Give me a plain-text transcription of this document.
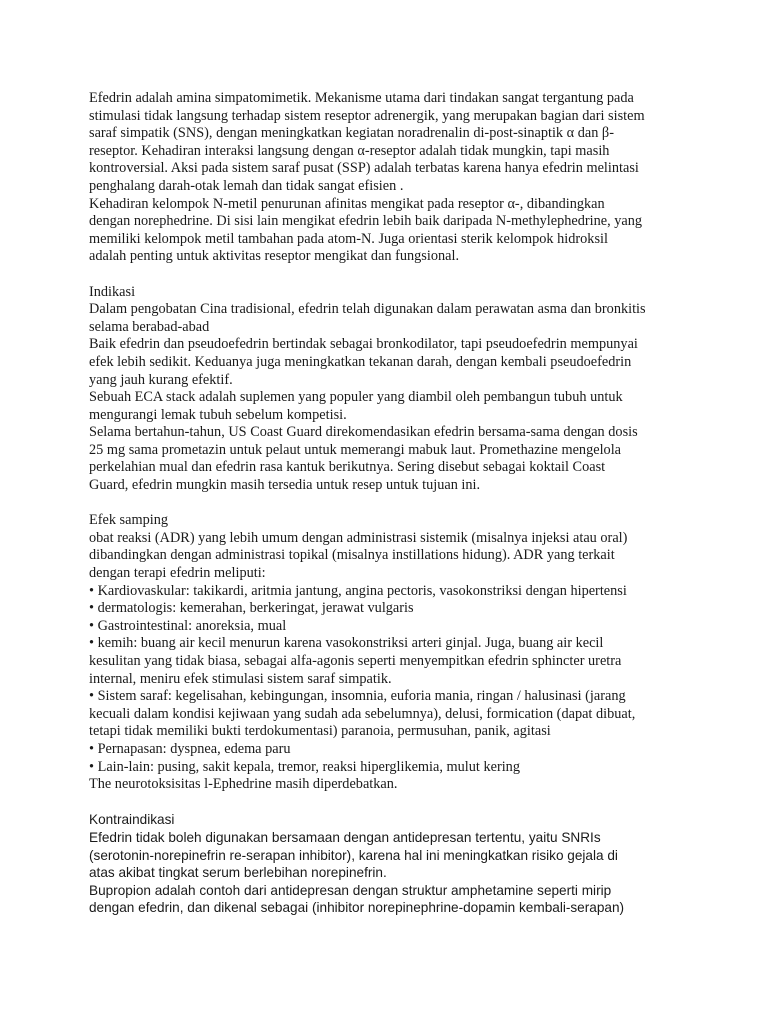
Efedrin adalah amina simpatomimetik. Mekanisme utama dari tindakan sangat tergantung pada
stimulasi tidak langsung terhadap sistem reseptor adrenergik, yang merupakan bagian dari sistem
saraf simpatik (SNS), dengan meningkatkan kegiatan noradrenalin di-post-sinaptik α dan β-
reseptor. Kehadiran interaksi langsung dengan α-reseptor adalah tidak mungkin, tapi masih
kontroversial. Aksi pada sistem saraf pusat (SSP) adalah terbatas karena hanya efedrin melintasi
penghalang darah-otak lemah dan tidak sangat efisien .
Kehadiran kelompok N-metil penurunan afinitas mengikat pada reseptor α-, dibandingkan
dengan norephedrine. Di sisi lain mengikat efedrin lebih baik daripada N-methylephedrine, yang
memiliki kelompok metil tambahan pada atom-N. Juga orientasi sterik kelompok hidroksil
adalah penting untuk aktivitas reseptor mengikat dan fungsional.
Indikasi
Dalam pengobatan Cina tradisional, efedrin telah digunakan dalam perawatan asma dan bronkitis
selama berabad-abad
Baik efedrin dan pseudoefedrin bertindak sebagai bronkodilator, tapi pseudoefedrin mempunyai
efek lebih sedikit. Keduanya juga meningkatkan tekanan darah, dengan kembali pseudoefedrin
yang jauh kurang efektif.
Sebuah ECA stack adalah suplemen yang populer yang diambil oleh pembangun tubuh untuk
mengurangi lemak tubuh sebelum kompetisi.
Selama bertahun-tahun, US Coast Guard direkomendasikan efedrin bersama-sama dengan dosis
25 mg sama prometazin untuk pelaut untuk memerangi mabuk laut. Promethazine mengelola
perkelahian mual dan efedrin rasa kantuk berikutnya. Sering disebut sebagai koktail Coast
Guard, efedrin mungkin masih tersedia untuk resep untuk tujuan ini.
Efek samping
obat reaksi (ADR) yang lebih umum dengan administrasi sistemik (misalnya injeksi atau oral)
dibandingkan dengan administrasi topikal (misalnya instillations hidung). ADR yang terkait
dengan terapi efedrin meliputi:
• Kardiovaskular: takikardi, aritmia jantung, angina pectoris, vasokonstriksi dengan hipertensi
• dermatologis: kemerahan, berkeringat, jerawat vulgaris
• Gastrointestinal: anoreksia, mual
• kemih: buang air kecil menurun karena vasokonstriksi arteri ginjal. Juga, buang air kecil
kesulitan yang tidak biasa, sebagai alfa-agonis seperti menyempitkan efedrin sphincter uretra
internal, meniru efek stimulasi sistem saraf simpatik.
• Sistem saraf: kegelisahan, kebingungan, insomnia, euforia mania, ringan / halusinasi (jarang
kecuali dalam kondisi kejiwaan yang sudah ada sebelumnya), delusi, formication (dapat dibuat,
tetapi tidak memiliki bukti terdokumentasi) paranoia, permusuhan, panik, agitasi
• Pernapasan: dyspnea, edema paru
• Lain-lain: pusing, sakit kepala, tremor, reaksi hiperglikemia, mulut kering
The neurotoksisitas l-Ephedrine masih diperdebatkan.
Kontraindikasi
Efedrin tidak boleh digunakan bersamaan dengan antidepresan tertentu, yaitu SNRIs
(serotonin-norepinefrin re-serapan inhibitor), karena hal ini meningkatkan risiko gejala di
atas akibat tingkat serum berlebihan norepinefrin.
Bupropion adalah contoh dari antidepresan dengan struktur amphetamine seperti mirip
dengan efedrin, dan dikenal sebagai (inhibitor norepinephrine-dopamin kembali-serapan)
